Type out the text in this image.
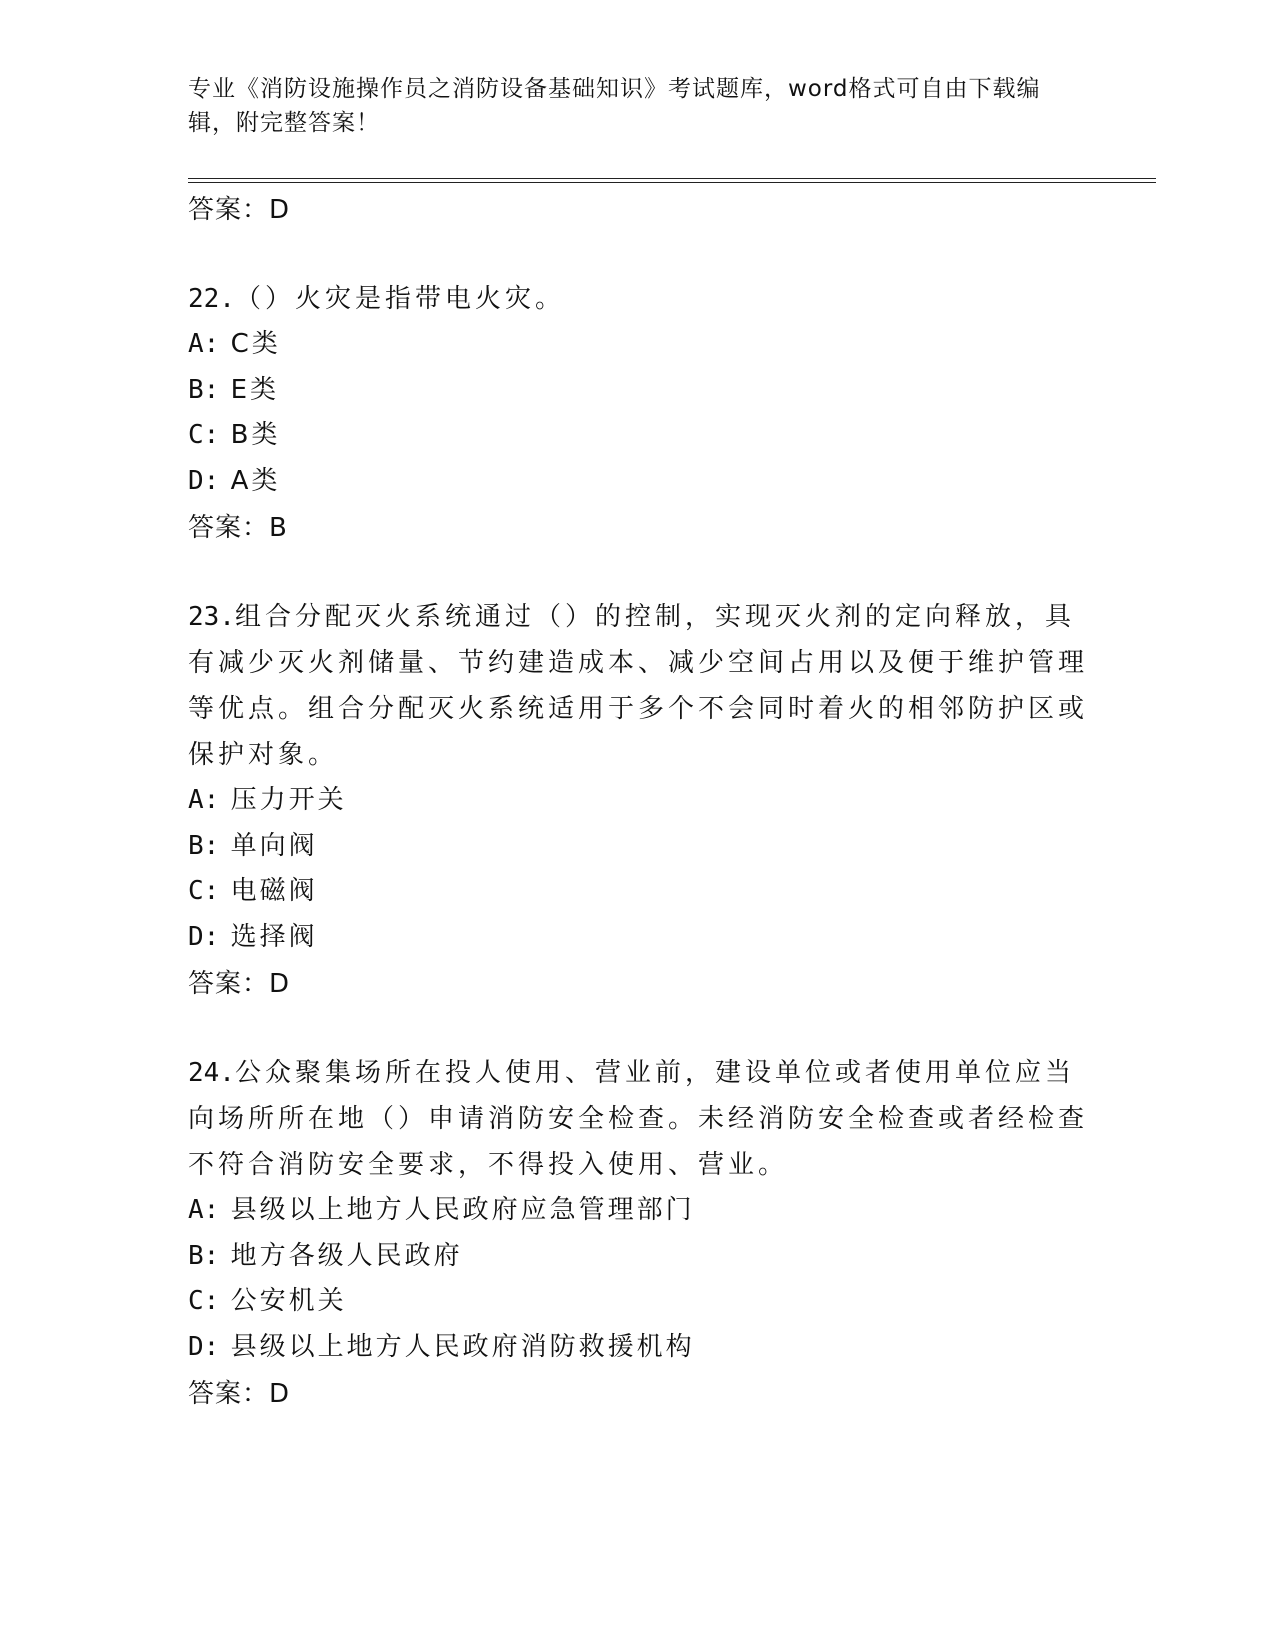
专业《消防设施操作员之消防设备基础知识》考试题库，word格式可自由下载编辑，附完整答案！

答案：D

22.（）火灾是指带电火灾。

A: C类

B: E类

C: B类

D: A类

答案：B

23.组合分配灭火系统通过（）的控制，实现灭火剂的定向释放，具有减少灭火剂储量、节约建造成本、减少空间占用以及便于维护管理等优点。组合分配灭火系统适用于多个不会同时着火的相邻防护区或保护对象。

A: 压力开关

B: 单向阀

C: 电磁阀

D: 选择阀

答案：D

24.公众聚集场所在投人使用、营业前，建设单位或者使用单位应当向场所所在地（）申请消防安全检查。未经消防安全检查或者经检查不符合消防安全要求，不得投入使用、营业。

A: 县级以上地方人民政府应急管理部门

B: 地方各级人民政府

C: 公安机关

D: 县级以上地方人民政府消防救援机构

答案：D
